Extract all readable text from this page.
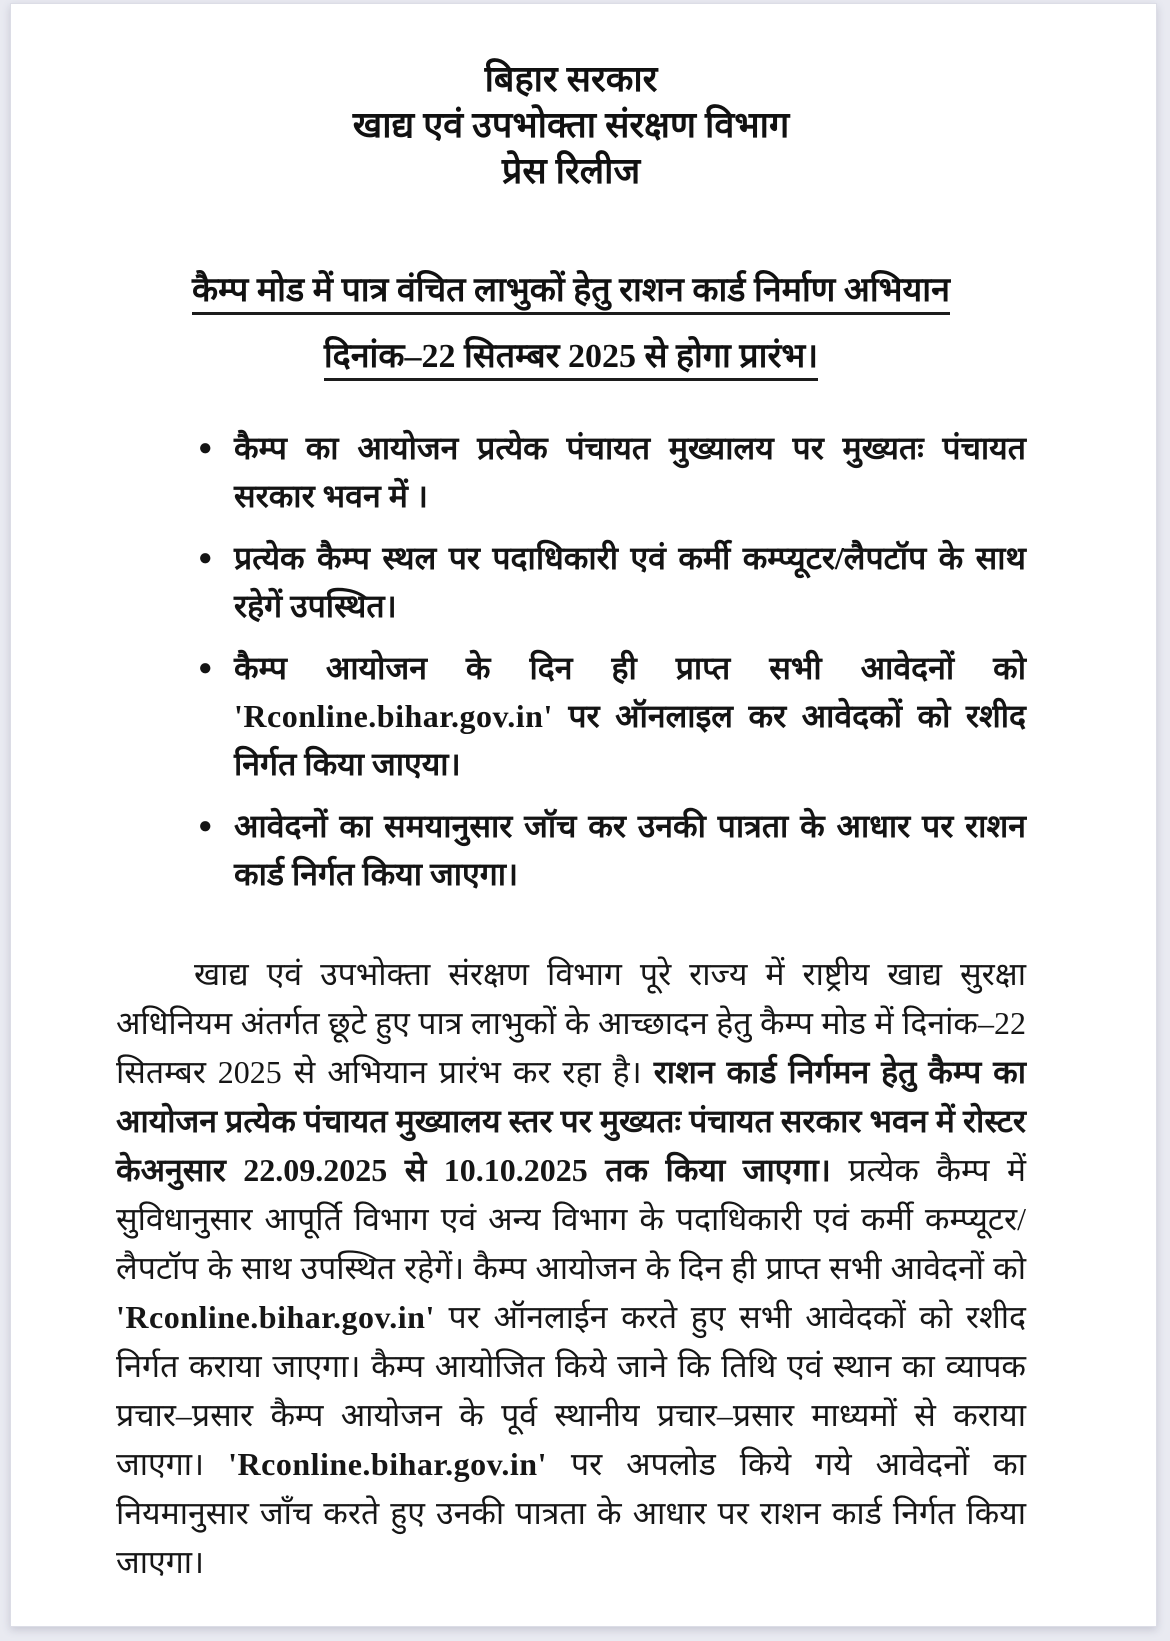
बिहार सरकार
खाद्य एवं उपभोक्ता संरक्षण विभाग
प्रेस रिलीज
कैम्प मोड में पात्र वंचित लाभुकों हेतु राशन कार्ड निर्माण अभियान
दिनांक–22 सितम्बर 2025 से होगा प्रारंभ।
● कैम्प का आयोजन प्रत्येक पंचायत मुख्यालय पर मुख्यतः पंचायत सरकार भवन में ।
● प्रत्येक कैम्प स्थल पर पदाधिकारी एवं कर्मी कम्प्यूटर/लैपटॉप के साथ रहेगें उपस्थित।
● कैम्प आयोजन के दिन ही प्राप्त सभी आवेदनों को 'Rconline.bihar.gov.in' पर ऑनलाइल कर आवेदकों को रशीद निर्गत किया जाएया।
● आवेदनों का समयानुसार जॉच कर उनकी पात्रता के आधार पर राशन कार्ड निर्गत किया जाएगा।

खाद्य एवं उपभोक्ता संरक्षण विभाग पूरे राज्य में राष्ट्रीय खाद्य सुरक्षा अधिनियम अंतर्गत छूटे हुए पात्र लाभुकों के आच्छादन हेतु कैम्प मोड में दिनांक–22 सितम्बर 2025 से अभियान प्रारंभ कर रहा है। राशन कार्ड निर्गमन हेतु कैम्प का आयोजन प्रत्येक पंचायत मुख्यालय स्तर पर मुख्यतः पंचायत सरकार भवन में रोस्टर केअनुसार 22.09.2025 से 10.10.2025 तक किया जाएगा। प्रत्येक कैम्प में सुविधानुसार आपूर्ति विभाग एवं अन्य विभाग के पदाधिकारी एवं कर्मी कम्प्यूटर/लैपटॉप के साथ उपस्थित रहेगें। कैम्प आयोजन के दिन ही प्राप्त सभी आवेदनों को 'Rconline.bihar.gov.in' पर ऑनलाईन करते हुए सभी आवेदकों को रशीद निर्गत कराया जाएगा। कैम्प आयोजित किये जाने कि तिथि एवं स्थान का व्यापक प्रचार–प्रसार कैम्प आयोजन के पूर्व स्थानीय प्रचार–प्रसार माध्यमों से कराया जाएगा। 'Rconline.bihar.gov.in' पर अपलोड किये गये आवेदनों का नियमानुसार जाँच करते हुए उनकी पात्रता के आधार पर राशन कार्ड निर्गत किया जाएगा।
